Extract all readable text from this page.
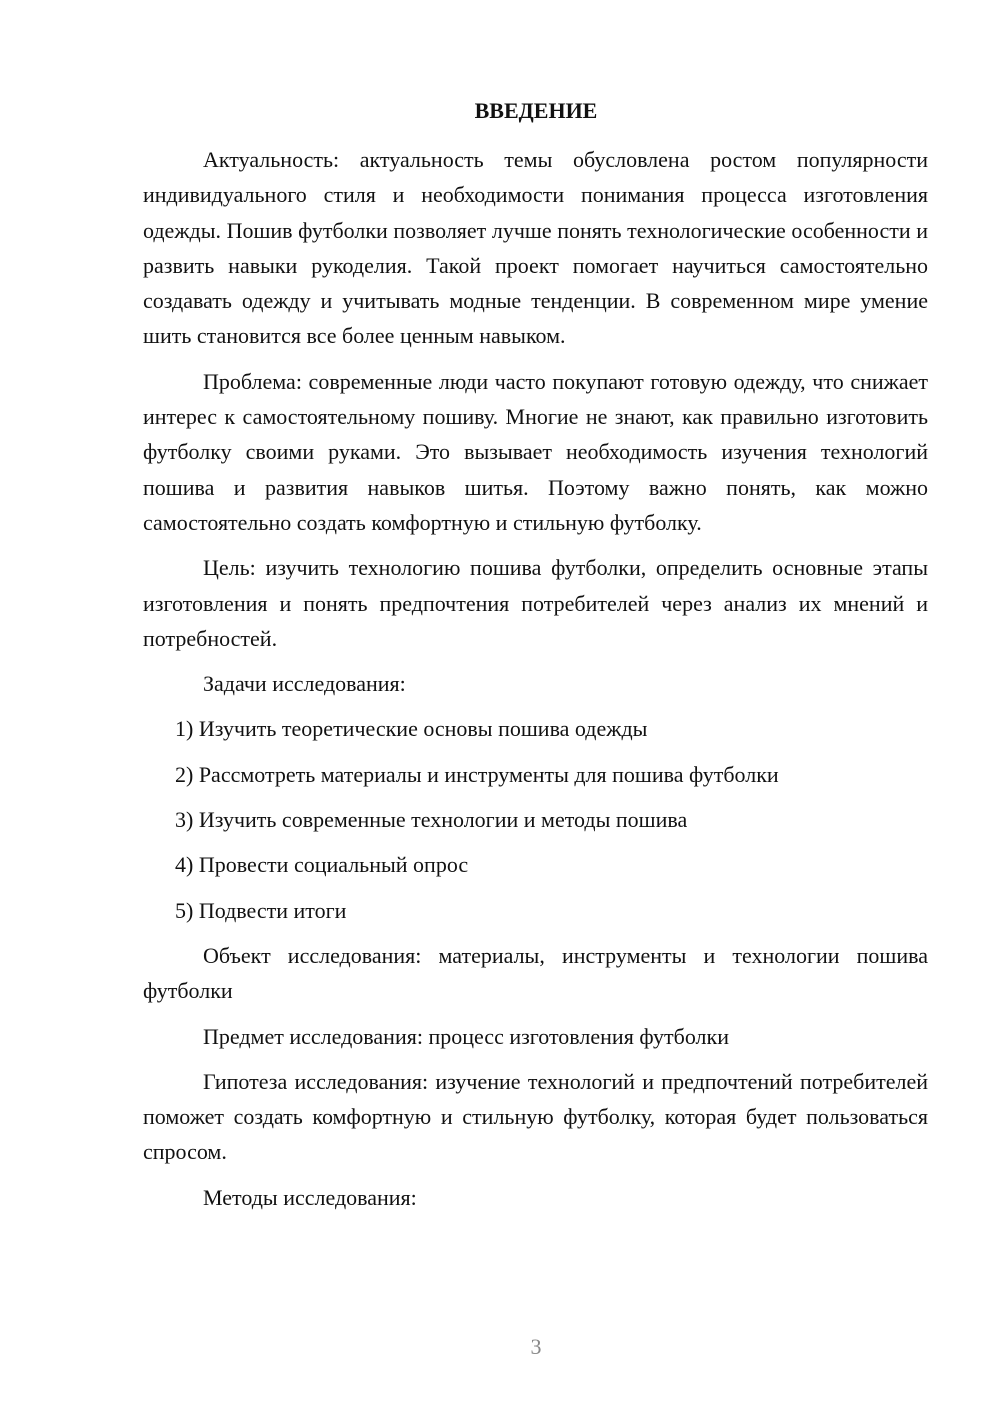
ВВЕДЕНИЕ

Актуальность: актуальность темы обусловлена ростом популярности индивидуального стиля и необходимости понимания процесса изготовления одежды. Пошив футболки позволяет лучше понять технологические особенности и развить навыки рукоделия. Такой проект помогает научиться самостоятельно создавать одежду и учитывать модные тенденции. В современном мире умение шить становится все более ценным навыком.

Проблема: современные люди часто покупают готовую одежду, что снижает интерес к самостоятельному пошиву. Многие не знают, как правильно изготовить футболку своими руками. Это вызывает необходимость изучения технологий пошива и развития навыков шитья. Поэтому важно понять, как можно самостоятельно создать комфортную и стильную футболку.

Цель: изучить технологию пошива футболки, определить основные этапы изготовления и понять предпочтения потребителей через анализ их мнений и потребностей.

Задачи исследования:

1) Изучить теоретические основы пошива одежды
2) Рассмотреть материалы и инструменты для пошива футболки
3) Изучить современные технологии и методы пошива
4) Провести социальный опрос
5) Подвести итоги

Объект исследования: материалы, инструменты и технологии пошива футболки

Предмет исследования: процесс изготовления футболки

Гипотеза исследования: изучение технологий и предпочтений потребителей поможет создать комфортную и стильную футболку, которая будет пользоваться спросом.

Методы исследования:

3
